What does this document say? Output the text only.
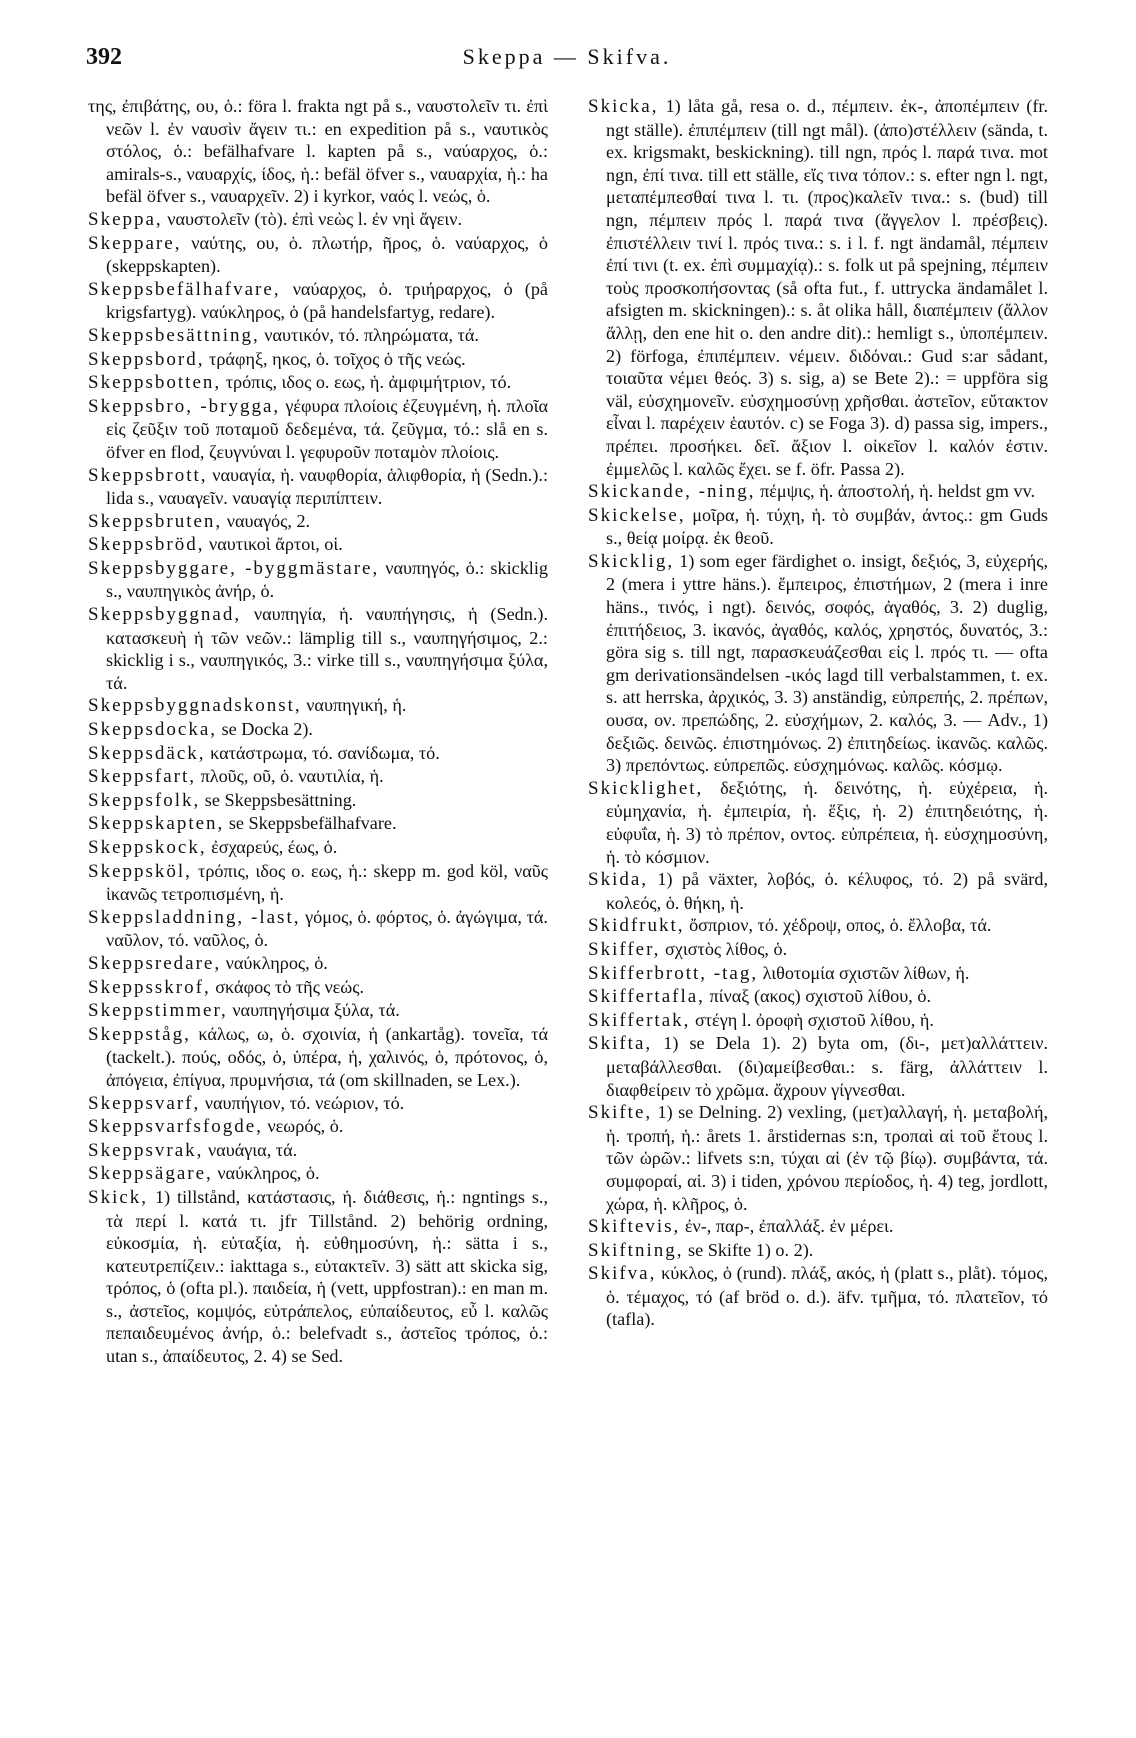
392	Skeppa — Skifva.

της, ἐπιβάτης, ου, ὁ.: föra l. frakta ngt på s., ναυστολεῖν τι. ἐπὶ νεῶν l. ἐν ναυσὶν ἄγειν τι.: en expedition på s., ναυτικὸς στόλος, ὁ.: befälhafvare l. kapten på s., ναύαρχος, ὁ.: amirals-s., ναυαρχίς, ίδος, ἡ.: befäl öfver s., ναυαρχία, ἡ.: ha befäl öfver s., ναυαρχεῖν. 2) i kyrkor, ναός l. νεώς, ὁ.

Skeppa, ναυστολεῖν (τὸ). ἐπὶ νεὼς l. ἐν νηὶ ἄγειν.

Skeppare, ναύτης, ου, ὁ. πλωτήρ, ῆρος, ὁ. ναύαρχος, ὁ (skeppskapten).

Skeppsbefälhafvare, ναύαρχος, ὁ. τριήραρχος, ὁ (på krigsfartyg). ναύκληρος, ὁ (på handelsfartyg, redare).

Skeppsbesättning, ναυτικόν, τό. πληρώματα, τά.

Skeppsbord, τράφηξ, ηκος, ὁ. τοῖχος ὁ τῆς νεώς.

Skeppsbotten, τρόπις, ιδος o. εως, ἡ. ἀμφιμήτριον, τό.

Skeppsbro, -brygga, γέφυρα πλοίοις ἐζευγμένη, ἡ. πλοῖα εἰς ζεῦξιν τοῦ ποταμοῦ δεδεμένα, τά. ζεῦγμα, τό.: slå en s. öfver en flod, ζευγνύναι l. γεφυροῦν ποταμὸν πλοίοις.

Skeppsbrott, ναυαγία, ἡ. ναυφθορία, ἁλιφθορία, ἡ (Sedn.).: lida s., ναυαγεῖν. ναυαγίᾳ περιπίπτειν.

Skeppsbruten, ναυαγός, 2.

Skeppsbröd, ναυτικοὶ ἄρτοι, οἱ.

Skeppsbyggare, -byggmästare, ναυπηγός, ὁ.: skicklig s., ναυπηγικὸς ἀνήρ, ὁ.

Skeppsbyggnad, ναυπηγία, ἡ. ναυπήγησις, ἡ (Sedn.). κατασκευὴ ἡ τῶν νεῶν.: lämplig till s., ναυπηγήσιμος, 2.: skicklig i s., ναυπηγικός, 3.: virke till s., ναυπηγήσιμα ξύλα, τά.

Skeppsbyggnadskonst, ναυπηγική, ἡ.

Skeppsdocka, se Docka 2).

Skeppsdäck, κατάστρωμα, τό. σανίδωμα, τό.

Skeppsfart, πλοῦς, οῦ, ὁ. ναυτιλία, ἡ.

Skeppsfolk, se Skeppsbesättning.

Skeppskapten, se Skeppsbefälhafvare.

Skeppskock, ἐσχαρεύς, έως, ὁ.

Skeppsköl, τρόπις, ιδος o. εως, ἡ.: skepp m. god köl, ναῦς ἱκανῶς τετροπισμένη, ἡ.

Skeppsladdning, -last, γόμος, ὁ. φόρτος, ὁ. ἀγώγιμα, τά. ναῦλον, τό. ναῦλος, ὁ.

Skeppsredare, ναύκληρος, ὁ.

Skeppsskrof, σκάφος τὸ τῆς νεώς.

Skeppstimmer, ναυπηγήσιμα ξύλα, τά.

Skeppståg, κάλως, ω, ὁ. σχοινία, ἡ (ankartåg). τονεῖα, τά (tackelt.). πούς, οδός, ὁ, ὑπέρα, ἡ, χαλινός, ὁ, πρότονος, ὁ, ἀπόγεια, ἐπίγυα, πρυμνήσια, τά (om skillnaden, se Lex.).

Skeppsvarf, ναυπήγιον, τό. νεώριον, τό.

Skeppsvarfsfogde, νεωρός, ὁ.

Skeppsvrak, ναυάγια, τά.

Skeppsägare, ναύκληρος, ὁ.

Skick, 1) tillstånd, κατάστασις, ἡ. διάθεσις, ἡ.: ngntings s., τὰ περί l. κατά τι. jfr Tillstånd. 2) behörig ordning, εὐκοσμία, ἡ. εὐταξία, ἡ. εὐθημοσύνη, ἡ.: sätta i s., κατευτρεπίζειν.: iakttaga s., εὐτακτεῖν. 3) sätt att skicka sig, τρόπος, ὁ (ofta pl.). παιδεία, ἡ (vett, uppfostran).: en man m. s., ἀστεῖος, κομψός, εὐτράπελος, εὐπαίδευτος, εὖ l. καλῶς πεπαιδευμένος ἀνήρ, ὁ.: belefvadt s., ἀστεῖος τρόπος, ὁ.: utan s., ἀπαίδευτος, 2. 4) se Sed.

Skicka, 1) låta gå, resa o. d., πέμπειν. ἐκ-, ἀποπέμπειν (fr. ngt ställe). ἐπιπέμπειν (till ngt mål). (ἀπο)στέλλειν (sända, t. ex. krigsmakt, beskickning). till ngn, πρός l. παρά τινα. mot ngn, ἐπί τινα. till ett ställe, εἴς τινα τόπον.: s. efter ngn l. ngt, μεταπέμπεσθαί τινα l. τι. (προς)καλεῖν τινα.: s. (bud) till ngn, πέμπειν πρός l. παρά τινα (ἄγγελον l. πρέσβεις). ἐπιστέλλειν τινί l. πρός τινα.: s. i l. f. ngt ändamål, πέμπειν ἐπί τινι (t. ex. ἐπὶ συμμαχίᾳ).: s. folk ut på spejning, πέμπειν τοὺς προσκοπήσοντας (så ofta fut., f. uttrycka ändamålet l. afsigten m. skickningen).: s. åt olika håll, διαπέμπειν (ἄλλον ἄλλῃ, den ene hit o. den andre dit).: hemligt s., ὑποπέμπειν. 2) förfoga, ἐπιπέμπειν. νέμειν. διδόναι.: Gud s:ar sådant, τοιαῦτα νέμει θεός. 3) s. sig, a) se Bete 2).: = uppföra sig väl, εὐσχημονεῖν. εὐσχημοσύνῃ χρῆσθαι. ἀστεῖον, εὔτακτον εἶναι l. παρέχειν ἑαυτόν. c) se Foga 3). d) passa sig, impers., πρέπει. προσήκει. δεῖ. ἄξιον l. οἰκεῖον l. καλόν ἐστιν. ἐμμελῶς l. καλῶς ἔχει. se f. öfr. Passa 2).

Skickande, -ning, πέμψις, ἡ. ἀποστολή, ἡ. heldst gm vv.

Skickelse, μοῖρα, ἡ. τύχη, ἡ. τὸ συμβάν, άντος.: gm Guds s., θείᾳ μοίρᾳ. ἐκ θεοῦ.

Skicklig, 1) som eger färdighet o. insigt, δεξιός, 3, εὐχερής, 2 (mera i yttre häns.). ἔμπειρος, ἐπιστήμων, 2 (mera i inre häns., τινός, i ngt). δεινός, σοφός, ἀγαθός, 3. 2) duglig, ἐπιτήδειος, 3. ἱκανός, ἀγαθός, καλός, χρηστός, δυνατός, 3.: göra sig s. till ngt, παρασκευάζεσθαι εἰς l. πρός τι. — ofta gm derivationsändelsen -ικός lagd till verbalstammen, t. ex. s. att herrska, ἀρχικός, 3. 3) anständig, εὐπρεπής, 2. πρέπων, ουσα, ον. πρεπώδης, 2. εὐσχήμων, 2. καλός, 3. — Adv., 1) δεξιῶς. δεινῶς. ἐπιστημόνως. 2) ἐπιτηδείως. ἱκανῶς. καλῶς. 3) πρεπόντως. εὐπρεπῶς. εὐσχημόνως. καλῶς. κόσμῳ.

Skicklighet, δεξιότης, ἡ. δεινότης, ἡ. εὐχέρεια, ἡ. εὐμηχανία, ἡ. ἐμπειρία, ἡ. ἕξις, ἡ. 2) ἐπιτηδειότης, ἡ. εὐφυΐα, ἡ. 3) τὸ πρέπον, οντος. εὐπρέπεια, ἡ. εὐσχημοσύνη, ἡ. τὸ κόσμιον.

Skida, 1) på växter, λοβός, ὁ. κέλυφος, τό. 2) på svärd, κολεός, ὁ. θήκη, ἡ.

Skidfrukt, ὄσπριον, τό. χέδροψ, οπος, ὁ. ἔλλοβα, τά.

Skiffer, σχιστὸς λίθος, ὁ.

Skifferbrott, -tag, λιθοτομία σχιστῶν λίθων, ἡ.

Skiffertafla, πίναξ (ακος) σχιστοῦ λίθου, ὁ.

Skiffertak, στέγη l. ὀροφὴ σχιστοῦ λίθου, ἡ.

Skifta, 1) se Dela 1). 2) byta om, (δι-, μετ)αλλάττειν. μεταβάλλεσθαι. (δι)αμείβεσθαι.: s. färg, ἀλλάττειν l. διαφθείρειν τὸ χρῶμα. ἄχρουν γίγνεσθαι.

Skifte, 1) se Delning. 2) vexling, (μετ)αλλαγή, ἡ. μεταβολή, ἡ. τροπή, ἡ.: årets 1. årstidernas s:n, τροπαὶ αἱ τοῦ ἔτους l. τῶν ὡρῶν.: lifvets s:n, τύχαι αἱ (ἐν τῷ βίῳ). συμβάντα, τά. συμφοραί, αἱ. 3) i tiden, χρόνου περίοδος, ἡ. 4) teg, jordlott, χώρα, ἡ. κλῆρος, ὁ.

Skiftevis, ἐν-, παρ-, ἐπαλλάξ. ἐν μέρει.

Skiftning, se Skifte 1) o. 2).

Skifva, κύκλος, ὁ (rund). πλάξ, ακός, ἡ (platt s., plåt). τόμος, ὁ. τέμαχος, τό (af bröd o. d.). äfv. τμῆμα, τό. πλατεῖον, τό (tafla).
